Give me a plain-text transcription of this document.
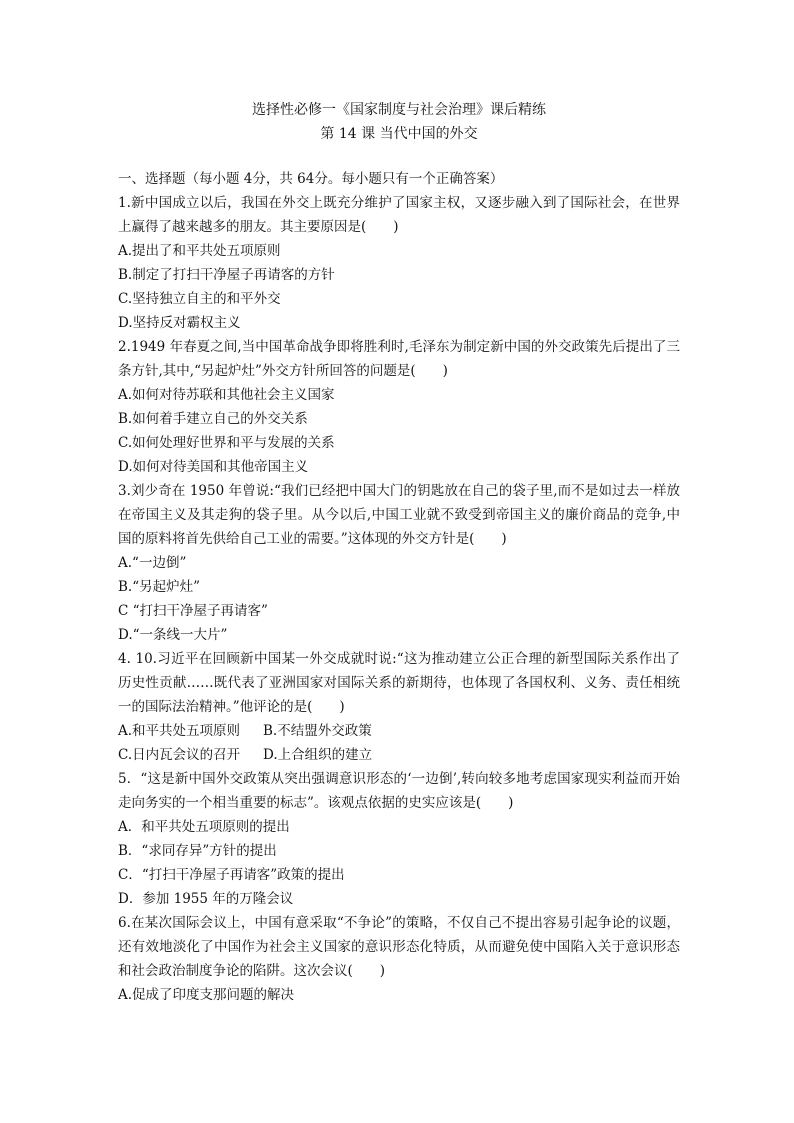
选择性必修一《国家制度与社会治理》课后精练
第 14 课 当代中国的外交
一、选择题（每小题 4分，共 64分。每小题只有一个正确答案）
1.新中国成立以后，我国在外交上既充分维护了国家主权，又逐步融入到了国际社会，在世界上赢得了越来越多的朋友。其主要原因是(　　)
A.提出了和平共处五项原则
B.制定了打扫干净屋子再请客的方针
C.坚持独立自主的和平外交
D.坚持反对霸权主义
2.1949 年春夏之间,当中国革命战争即将胜利时,毛泽东为制定新中国的外交政策先后提出了三条方针,其中,“另起炉灶”外交方针所回答的问题是(　　)
A.如何对待苏联和其他社会主义国家
B.如何着手建立自己的外交关系
C.如何处理好世界和平与发展的关系
D.如何对待美国和其他帝国主义
3.刘少奇在 1950 年曾说:“我们已经把中国大门的钥匙放在自己的袋子里,而不是如过去一样放在帝国主义及其走狗的袋子里。从今以后,中国工业就不致受到帝国主义的廉价商品的竞争,中国的原料将首先供给自己工业的需要。”这体现的外交方针是(　　)
A.“一边倒”
B.“另起炉灶”
C “打扫干净屋子再请客”
D.“一条线一大片”
4. 10.习近平在回顾新中国某一外交成就时说:“这为推动建立公正合理的新型国际关系作出了历史性贡献……既代表了亚洲国家对国际关系的新期待，也体现了各国权利、义务、责任相统一的国际法治精神。”他评论的是(　　)
A.和平共处五项原则	B.不结盟外交政策
C.日内瓦会议的召开	D.上合组织的建立
5．“这是新中国外交政策从突出强调意识形态的‘一边倒’,转向较多地考虑国家现实利益而开始走向务实的一个相当重要的标志”。该观点依据的史实应该是(　　)
A．和平共处五项原则的提出
B．“求同存异”方针的提出
C．“打扫干净屋子再请客”政策的提出
D．参加 1955 年的万隆会议
6.在某次国际会议上，中国有意采取“不争论”的策略，不仅自己不提出容易引起争论的议题，还有效地淡化了中国作为社会主义国家的意识形态化特质，从而避免使中国陷入关于意识形态和社会政治制度争论的陷阱。这次会议(　　)
A.促成了印度支那问题的解决
